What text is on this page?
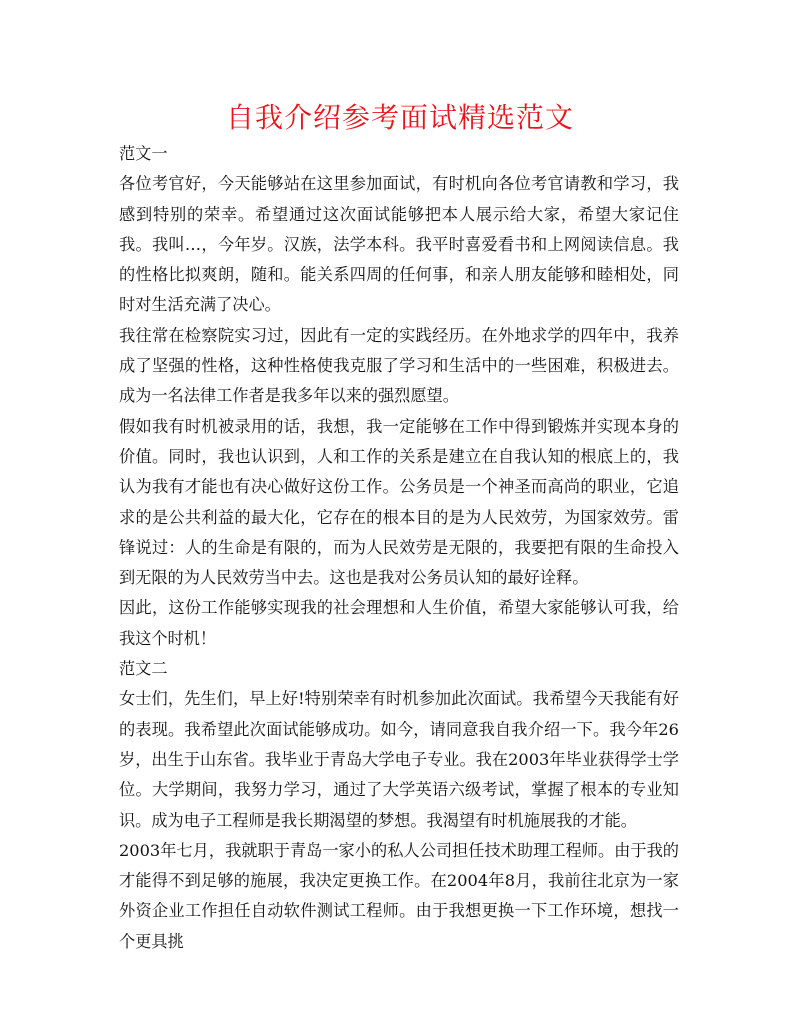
自我介绍参考面试精选范文

范文一

各位考官好，今天能够站在这里参加面试，有时机向各位考官请教和学习，我感到特别的荣幸。希望通过这次面试能够把本人展示给大家，希望大家记住我。我叫…，今年岁。汉族，法学本科。我平时喜爱看书和上网阅读信息。我的性格比拟爽朗，随和。能关系四周的任何事，和亲人朋友能够和睦相处，同时对生活充满了决心。

我往常在检察院实习过，因此有一定的实践经历。在外地求学的四年中，我养成了坚强的性格，这种性格使我克服了学习和生活中的一些困难，积极进去。成为一名法律工作者是我多年以来的强烈愿望。

假如我有时机被录用的话，我想，我一定能够在工作中得到锻炼并实现本身的价值。同时，我也认识到，人和工作的关系是建立在自我认知的根底上的，我认为我有才能也有决心做好这份工作。公务员是一个神圣而高尚的职业，它追求的是公共利益的最大化，它存在的根本目的是为人民效劳，为国家效劳。雷锋说过：人的生命是有限的，而为人民效劳是无限的，我要把有限的生命投入到无限的为人民效劳当中去。这也是我对公务员认知的最好诠释。

因此，这份工作能够实现我的社会理想和人生价值，希望大家能够认可我，给我这个时机！

范文二

女士们，先生们，早上好!特别荣幸有时机参加此次面试。我希望今天我能有好的表现。我希望此次面试能够成功。如今，请同意我自我介绍一下。我今年26岁，出生于山东省。我毕业于青岛大学电子专业。我在2003年毕业获得学士学位。大学期间，我努力学习，通过了大学英语六级考试，掌握了根本的专业知识。成为电子工程师是我长期渴望的梦想。我渴望有时机施展我的才能。

2003年七月，我就职于青岛一家小的私人公司担任技术助理工程师。由于我的才能得不到足够的施展，我决定更换工作。在2004年8月，我前往北京为一家外资企业工作担任自动软件测试工程师。由于我想更换一下工作环境，想找一个更具挑
